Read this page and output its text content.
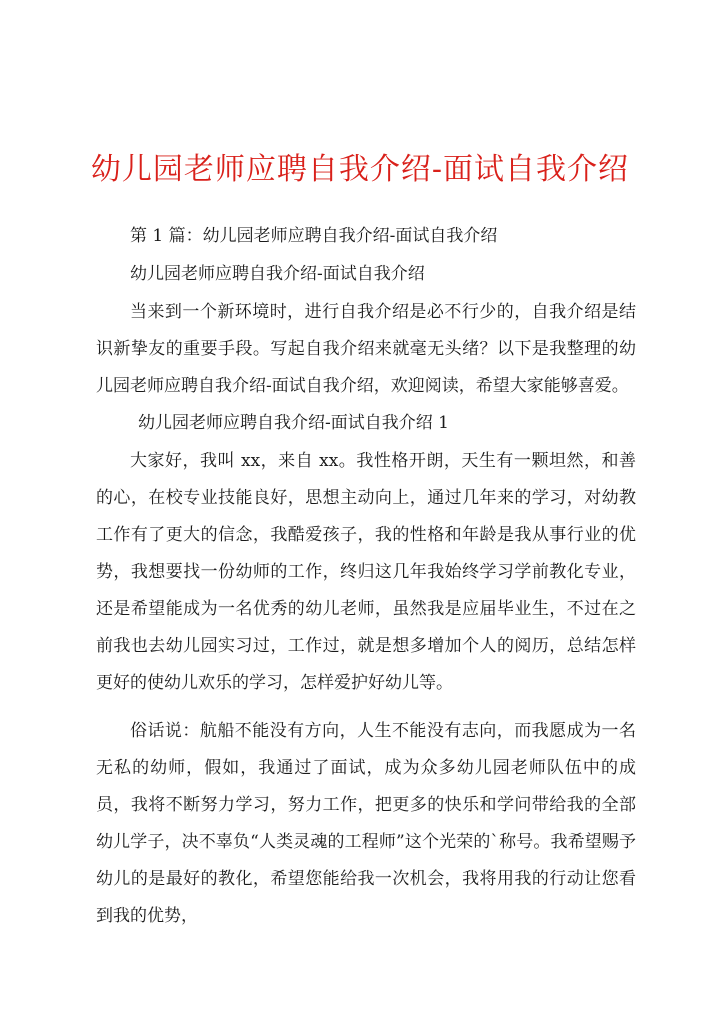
幼儿园老师应聘自我介绍-面试自我介绍
第 1 篇：幼儿园老师应聘自我介绍-面试自我介绍
幼儿园老师应聘自我介绍-面试自我介绍
当来到一个新环境时，进行自我介绍是必不行少的，自我介绍是结识新挚友的重要手段。写起自我介绍来就毫无头绪？以下是我整理的幼儿园老师应聘自我介绍-面试自我介绍，欢迎阅读，希望大家能够喜爱。
幼儿园老师应聘自我介绍-面试自我介绍 1
大家好，我叫 xx，来自 xx。我性格开朗，天生有一颗坦然，和善的心，在校专业技能良好，思想主动向上，通过几年来的学习，对幼教工作有了更大的信念，我酷爱孩子，我的性格和年龄是我从事行业的优势，我想要找一份幼师的工作，终归这几年我始终学习学前教化专业，还是希望能成为一名优秀的幼儿老师，虽然我是应届毕业生，不过在之前我也去幼儿园实习过，工作过，就是想多增加个人的阅历，总结怎样更好的使幼儿欢乐的学习，怎样爱护好幼儿等。
俗话说：航船不能没有方向，人生不能没有志向，而我愿成为一名无私的幼师，假如，我通过了面试，成为众多幼儿园老师队伍中的成员，我将不断努力学习，努力工作，把更多的快乐和学问带给我的全部幼儿学子，决不辜负“人类灵魂的工程师”这个光荣的`称号。我希望赐予幼儿的是最好的教化，希望您能给我一次机会，我将用我的行动让您看到我的优势，
